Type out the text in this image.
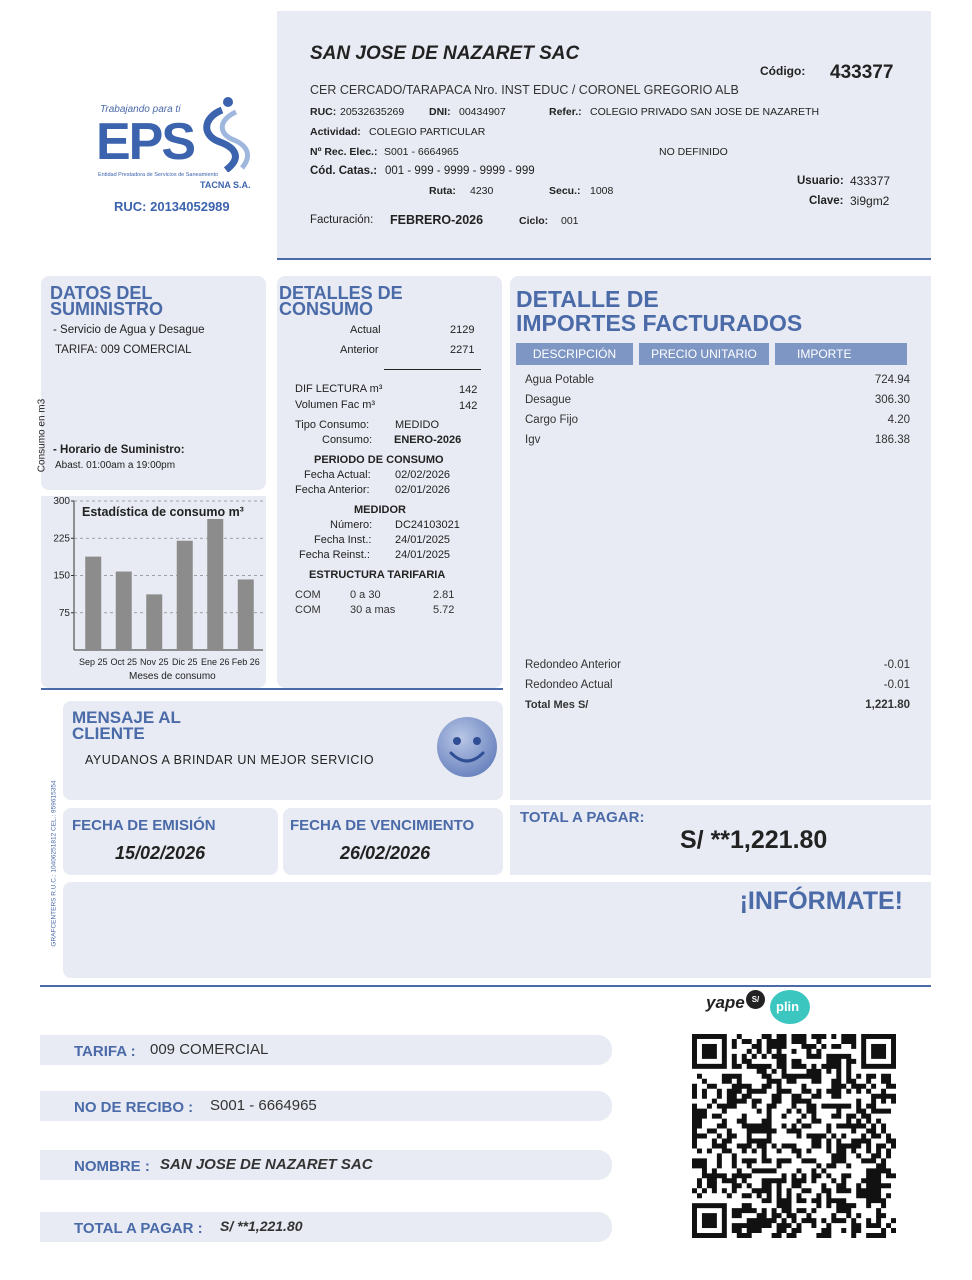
Trabajando para ti
EPS
Entidad Prestadora de Servicios de Saneamiento
TACNA S.A.
RUC: 20134052989
SAN JOSE DE NAZARET SAC
Código: 433377
CER CERCADO/TARAPACA Nro. INST EDUC / CORONEL GREGORIO ALB
RUC: 20532635269 DNI: 00434907	Refer.: COLEGIO PRIVADO SAN JOSE DE NAZARETH
Actividad: COLEGIO PARTICULAR
Nº Rec. Elec.: S001 - 6664965	NO DEFINIDO
Cód. Catas.: 001 - 999 - 9999 - 9999 - 999
Ruta: 4230	Secu.: 1008
Usuario: 433377
Clave: 3i9gm2
Facturación: FEBRERO-2026	Ciclo: 001
DATOS DEL
SUMINISTRO
- Servicio de Agua y Desague
TARIFA: 009 COMERCIAL
- Horario de Suministro:
Abast. 01:00am a 19:00pm
Consumo en m3
300
225
150
75
Sep 25 Oct 25 Nov 25 Dic 25 Ene 26 Feb 26
Estadística de consumo m³
Meses de consumo
DETALLES DE
CONSUMO
Actual	2129
Anterior	2271
DIF LECTURA m³	142
Volumen Fac m³	142
Tipo Consumo: MEDIDO
Consumo: ENERO-2026
PERIODO DE CONSUMO
Fecha Actual: 02/02/2026
Fecha Anterior: 02/01/2026
MEDIDOR
Número: DC24103021
Fecha Inst.: 24/01/2025
Fecha Reinst.: 24/01/2025
ESTRUCTURA TARIFARIA
COM	0 a 30	2.81
COM	30 a mas	5.72
DETALLE DE
IMPORTES FACTURADOS
DESCRIPCIÓN	PRECIO UNITARIO	IMPORTE
Agua Potable	724.94
Desague	306.30
Cargo Fijo	4.20
Igv	186.38
Redondeo Anterior	-0.01
Redondeo Actual	-0.01
Total Mes S/	1,221.80
MENSAJE AL
CLIENTE
AYUDANOS A BRINDAR UN MEJOR SERVICIO
GRAFCENTERS R.U.C.: 10406251812 CEL.: 959615354 FECHA DE EMISIÓN
15/02/2026
FECHA DE VENCIMIENTO
26/02/2026
TOTAL A PAGAR:
S/ **1,221.80
¡INFÓRMATE!
yape S/	plin
TARIFA : 009 COMERCIAL
NO DE RECIBO : S001 - 6664965
NOMBRE : SAN JOSE DE NAZARET SAC
TOTAL A PAGAR : S/ **1,221.80
